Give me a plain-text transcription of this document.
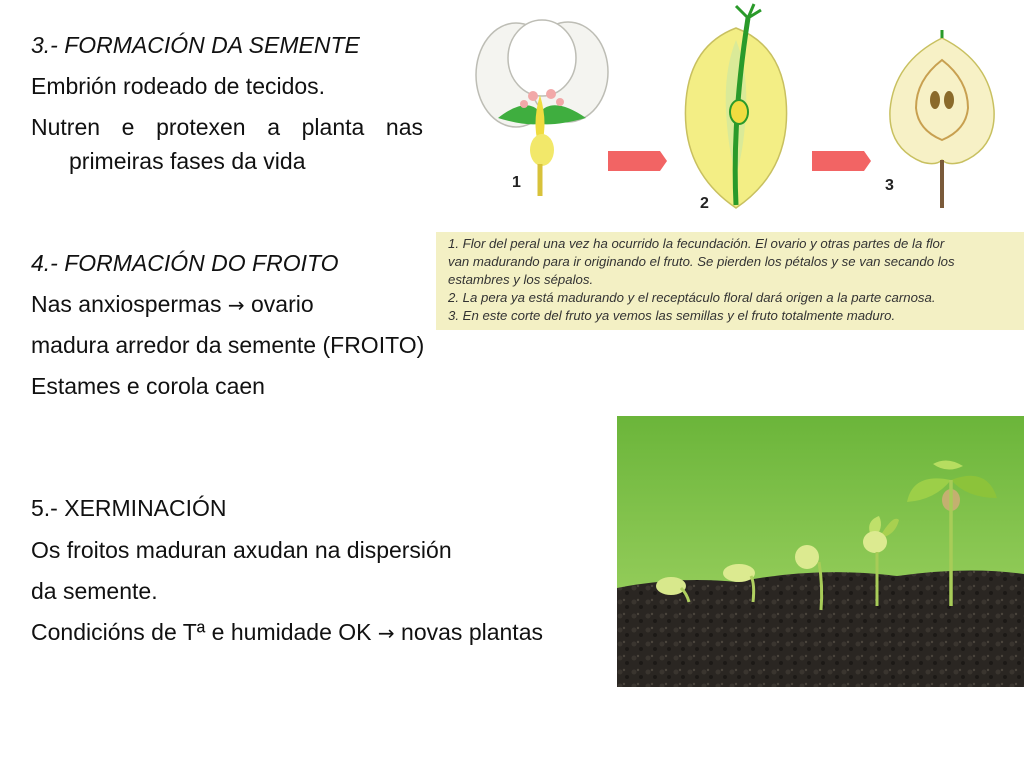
3.- FORMACIÓN DA SEMENTE
Embrión rodeado de tecidos.
Nutren e protexen a planta nas
primeiras fases da vida
4.- FORMACIÓN DO FROITO
Nas anxiospermas → ovario
madura arredor da semente (FROITO)
Estames e corola caen
5.- XERMINACIÓN
Os froitos maduran axudan na dispersión
da semente.
Condicións de Tª e humidade OK → novas plantas
1
2
3
1. Flor del peral una vez ha ocurrido la fecundación. El ovario y otras partes de la flor
van madurando para ir originando el fruto. Se pierden los pétalos y se van secando los
estambres y los sépalos.
2. La pera ya está madurando y el receptáculo floral dará origen a la parte carnosa.
3. En este corte del fruto ya vemos las semillas y el fruto totalmente maduro.
